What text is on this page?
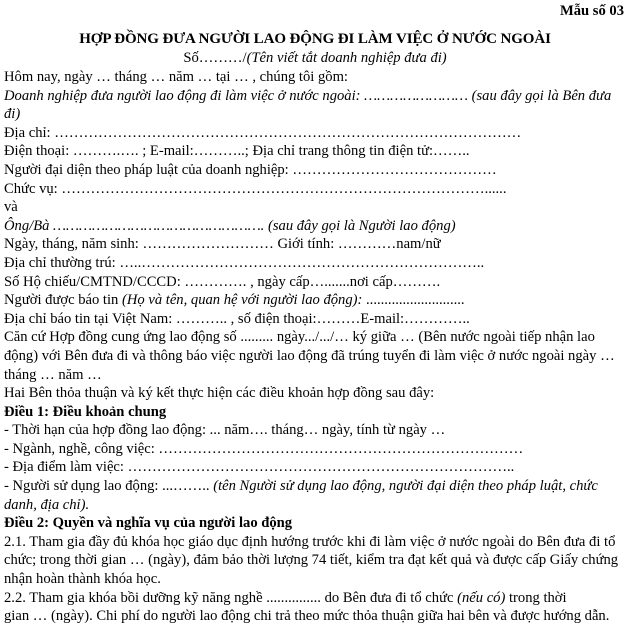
Mẫu số 03
HỢP ĐỒNG ĐƯA NGƯỜI LAO ĐỘNG ĐI LÀM VIỆC Ở NƯỚC NGOÀI
Số………/(Tên viết tắt doanh nghiệp đưa đi)
Hôm nay, ngày … tháng … năm … tại … , chúng tôi gồm:
Doanh nghiệp đưa người lao động đi làm việc ở nước ngoài: …………………… (sau đây gọi là Bên đưa đi)
Địa chỉ: ……………………………………………………………………………………
Điện thoại: ……….…. ; E-mail:………..; Địa chỉ trang thông tin điện tử:……..
Người đại diện theo pháp luật của doanh nghiệp: ……………………………………
Chức vụ: ……………………………………………………………………………......
và
Ông/Bà …………………………………………. (sau đây gọi là Người lao động)
Ngày, tháng, năm sinh: ……………………… Giới tính: …………nam/nữ
Địa chỉ thường trú: …..……………………………………………………………..
Số Hộ chiếu/CMTND/CCCD: …………. , ngày cấp….......nơi cấp……….
Người được báo tin (Họ và tên, quan hệ với người lao động): ...........................
Địa chỉ báo tin tại Việt Nam: ……….. , số điện thoại:………E-mail:…………..
Căn cứ Hợp đồng cung ứng lao động số ......... ngày.../.../… ký giữa … (Bên nước ngoài tiếp nhận lao động) với Bên đưa đi và thông báo việc người lao động đã trúng tuyển đi làm việc ở nước ngoài ngày … tháng … năm …
Hai Bên thỏa thuận và ký kết thực hiện các điều khoản hợp đồng sau đây:
Điều 1: Điều khoản chung
- Thời hạn của hợp đồng lao động: ... năm…. tháng… ngày, tính từ ngày …
- Ngành, nghề, công việc: …………………………………………………………………
- Địa điểm làm việc: ……………………………………………………………………..
- Người sử dụng lao động: ...…….. (tên Người sử dụng lao động, người đại diện theo pháp luật, chức danh, địa chỉ).
Điều 2: Quyền và nghĩa vụ của người lao động
2.1. Tham gia đầy đủ khóa học giáo dục định hướng trước khi đi làm việc ở nước ngoài do Bên đưa đi tổ chức; trong thời gian … (ngày), đảm bảo thời lượng 74 tiết, kiểm tra đạt kết quả và được cấp Giấy chứng nhận hoàn thành khóa học.
2.2. Tham gia khóa bồi dưỡng kỹ năng nghề ............... do Bên đưa đi tổ chức (nếu có) trong thời
gian … (ngày). Chi phí do người lao động chi trả theo mức thỏa thuận giữa hai bên và được hướng dẫn.
